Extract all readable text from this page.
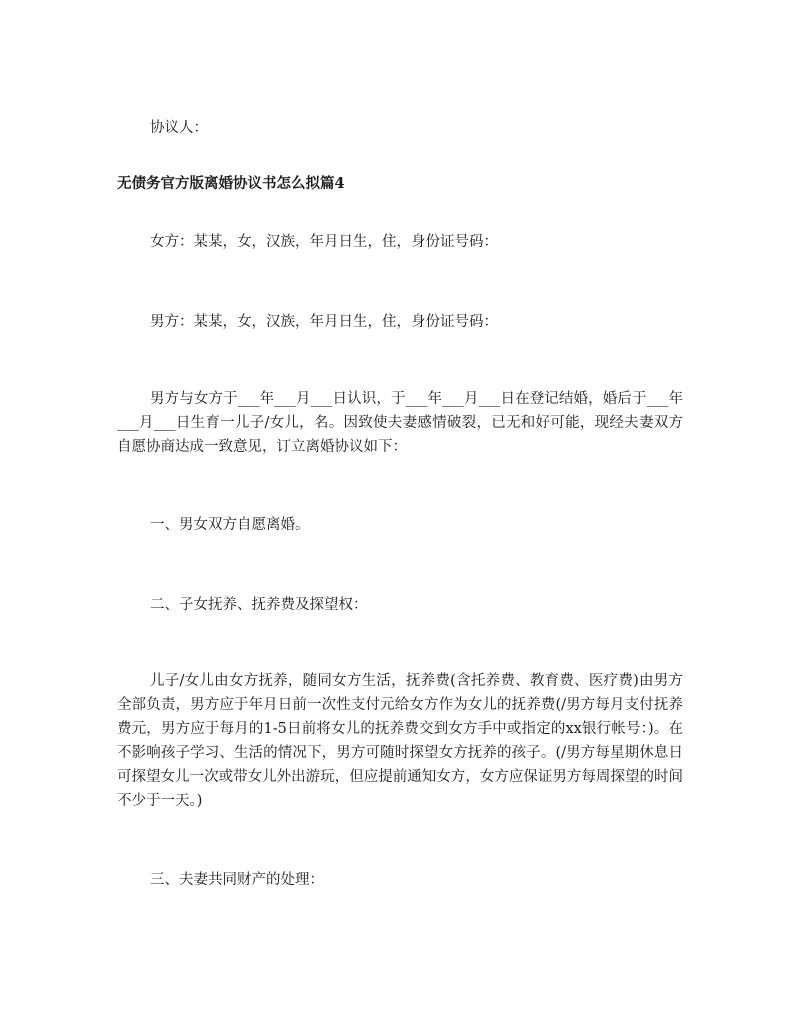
协议人：

无债务官方版离婚协议书怎么拟篇4

女方：某某，女，汉族，年月日生，住，身份证号码：

男方：某某，女，汉族，年月日生，住，身份证号码：

男方与女方于___年___月___日认识，于___年___月___日在登记结婚，婚后于___年___月___日生育一儿子/女儿，名。因致使夫妻感情破裂，已无和好可能，现经夫妻双方自愿协商达成一致意见，订立离婚协议如下：

一、男女双方自愿离婚。

二、子女抚养、抚养费及探望权：

儿子/女儿由女方抚养，随同女方生活，抚养费(含托养费、教育费、医疗费)由男方全部负责，男方应于年月日前一次性支付元给女方作为女儿的抚养费(/男方每月支付抚养费元，男方应于每月的1-5日前将女儿的抚养费交到女方手中或指定的xx银行帐号：)。在不影响孩子学习、生活的情况下，男方可随时探望女方抚养的孩子。(/男方每星期休息日可探望女儿一次或带女儿外出游玩，但应提前通知女方，女方应保证男方每周探望的时间不少于一天。)

三、夫妻共同财产的处理：
